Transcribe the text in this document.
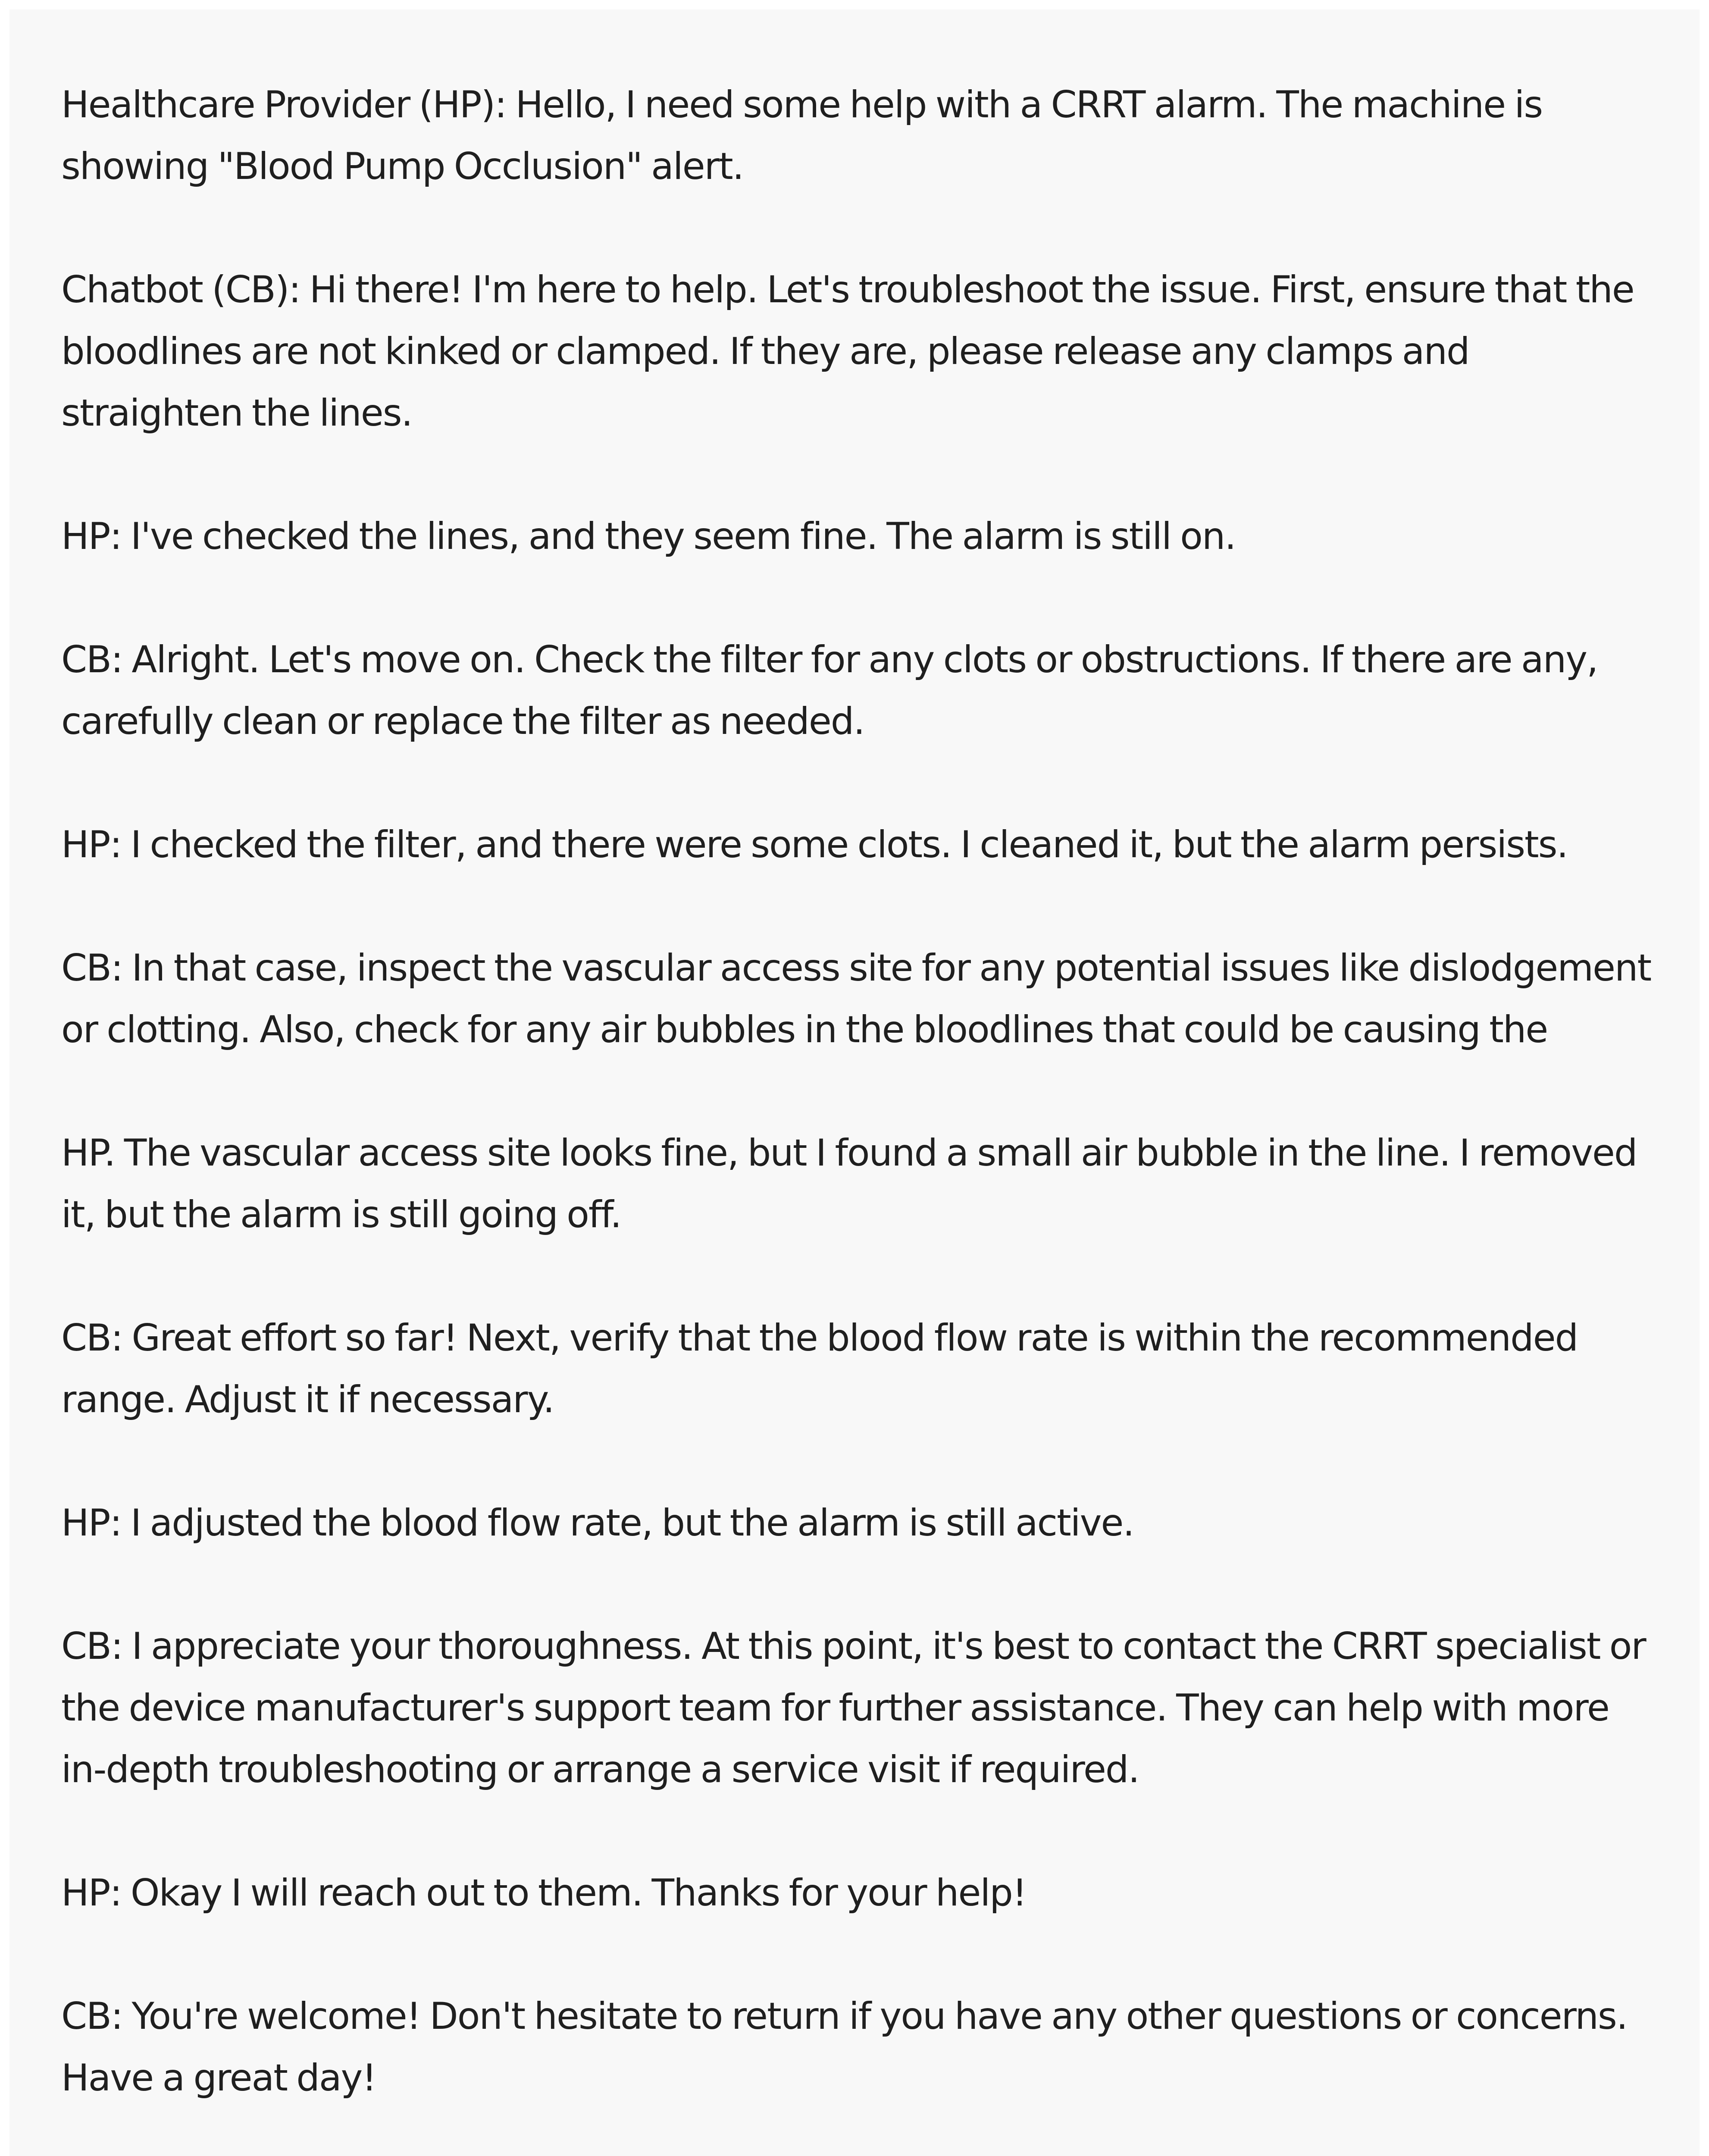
Healthcare Provider (HP): Hello, I need some help with a CRRT alarm. The machine is showing "Blood Pump Occlusion" alert.

Chatbot (CB): Hi there! I'm here to help. Let's troubleshoot the issue. First, ensure that the bloodlines are not kinked or clamped. If they are, please release any clamps and straighten the lines.

HP: I've checked the lines, and they seem fine. The alarm is still on.

CB: Alright. Let's move on. Check the filter for any clots or obstructions. If there are any, carefully clean or replace the filter as needed.

HP: I checked the filter, and there were some clots. I cleaned it, but the alarm persists.

CB: In that case, inspect the vascular access site for any potential issues like dislodgement or clotting. Also, check for any air bubbles in the bloodlines that could be causing the

HP. The vascular access site looks fine, but I found a small air bubble in the line. I removed it, but the alarm is still going off.

CB: Great effort so far! Next, verify that the blood flow rate is within the recommended range. Adjust it if necessary.

HP: I adjusted the blood flow rate, but the alarm is still active.

CB: I appreciate your thoroughness. At this point, it's best to contact the CRRT specialist or the device manufacturer's support team for further assistance. They can help with more in-depth troubleshooting or arrange a service visit if required.

HP: Okay I will reach out to them. Thanks for your help!

CB: You're welcome! Don't hesitate to return if you have any other questions or concerns. Have a great day!
